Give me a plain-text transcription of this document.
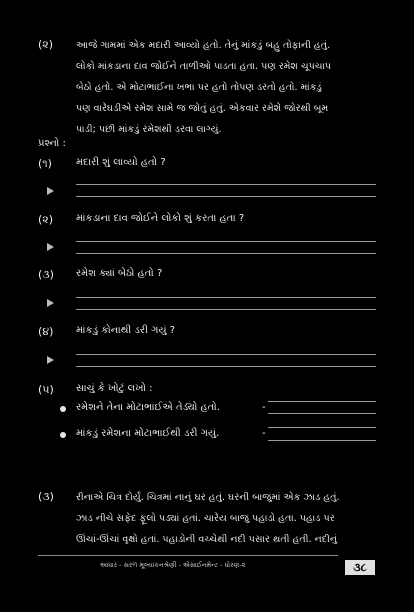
(૨) આજે ગામમાં એક મદારી આવ્યો હતો. તેનું માંકડું બહુ તોફાની હતું.
લોકો માંકડાના દાવ જોઈને તાળીઓ પાડતા હતા. પણ રમેશ ચૂપચાપ
બેઠો હતો. એ મોટાભાઈના ખભા પર હતો તોપણ ડરતો હતો. માંકડું
પણ વારેઘડીએ રમેશ સામે જ જોતું હતું. એકવાર રમેશે જોરથી બૂમ
પાડી; પછી માંકડું રમેશથી ડરવા લાગ્યું.
પ્રશ્નો :
(૧) મદારી શું લાવ્યો હતો ?
(૨) માંકડાના દાવ જોઈને લોકો શું કરતા હતા ?
(૩) રમેશ ક્યાં બેઠો હતો ?
(૪) માંકડું કોનાથી ડરી ગયું ?
(૫) સાચું કે ખોટું લખો :
રમેશને તેના મોટાભાઈએ તેડ્યો હતો.	-
માંકડું રમેશના મોટાભાઈથી ડરી ગયું.	-
(૩) રીનાએ ચિત્ર દોર્યું. ચિત્રમાં નાનું ઘર હતું. ઘરની બાજુમાં એક ઝાડ હતું.
ઝાડ નીચે સફેદ ફૂલો પડ્યાં હતાં. ચારેય બાજુ પહાડો હતા. પહાડ પર
ઊંચાં-ઊંચાં વૃક્ષો હતાં. પહાડોની વચ્ચેથી નદી પસાર થતી હતી. નદીનું
આધાર - સરળ મૂલ્યાંકનશ્રેણી - એસાઈનમેન્ટ - ધોરણ-૨	૩૮
